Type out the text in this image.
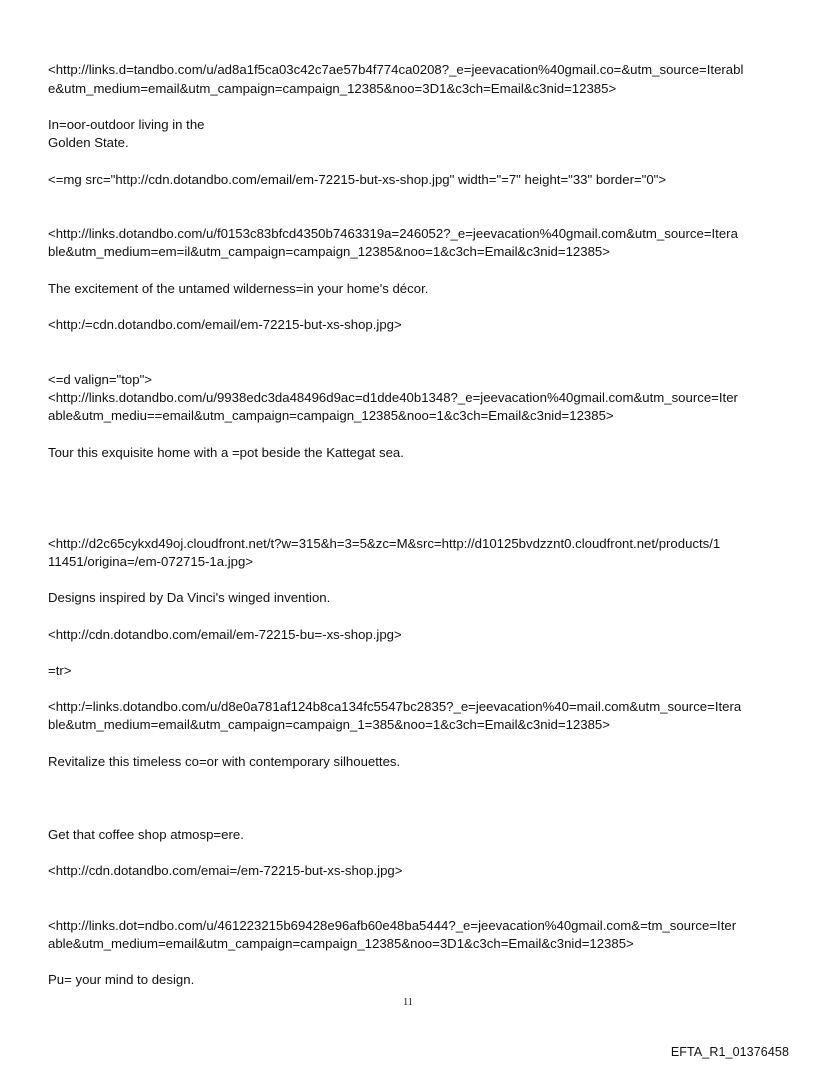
<http://links.d=tandbo.com/u/ad8a1f5ca03c42c7ae57b4f774ca0208?_e=jeevacation%40gmail.co=&utm_source=Iterabl
e&utm_medium=email&utm_campaign=campaign_12385&noo=3D1&c3ch=Email&c3nid=12385>
In=oor-outdoor living in the
Golden State.
<=mg src="http://cdn.dotandbo.com/email/em-72215-but-xs-shop.jpg" width="=7" height="33" border="0">
<http://links.dotandbo.com/u/f0153c83bfcd4350b7463319a=246052?_e=jeevacation%40gmail.com&utm_source=Itera
ble&utm_medium=em=il&utm_campaign=campaign_12385&noo=1&c3ch=Email&c3nid=12385>
The excitement of the untamed wilderness=in your home's décor.
<http:/=cdn.dotandbo.com/email/em-72215-but-xs-shop.jpg>
<=d valign="top">
<http://links.dotandbo.com/u/9938edc3da48496d9ac=d1dde40b1348?_e=jeevacation%40gmail.com&utm_source=Iter
able&utm_mediu==email&utm_campaign=campaign_12385&noo=1&c3ch=Email&c3nid=12385>
Tour this exquisite home with a =pot beside the Kattegat sea.
<http://d2c65cykxd49oj.cloudfront.net/t?w=315&h=3=5&zc=M&src=http://d10125bvdzznt0.cloudfront.net/products/1
11451/origina=/em-072715-1a.jpg>
Designs inspired by Da Vinci's winged invention.
<http://cdn.dotandbo.com/email/em-72215-bu=-xs-shop.jpg>
=tr>
<http:/=links.dotandbo.com/u/d8e0a781af124b8ca134fc5547bc2835?_e=jeevacation%40=mail.com&utm_source=Itera
ble&utm_medium=email&utm_campaign=campaign_1=385&noo=1&c3ch=Email&c3nid=12385>
Revitalize this timeless co=or with contemporary silhouettes.
Get that coffee shop atmosp=ere.
<http://cdn.dotandbo.com/emai=/em-72215-but-xs-shop.jpg>
<http://links.dot=ndbo.com/u/461223215b69428e96afb60e48ba5444?_e=jeevacation%40gmail.com&=tm_source=Iter
able&utm_medium=email&utm_campaign=campaign_12385&noo=3D1&c3ch=Email&c3nid=12385>
Pu= your mind to design.
11
EFTA_R1_01376458
